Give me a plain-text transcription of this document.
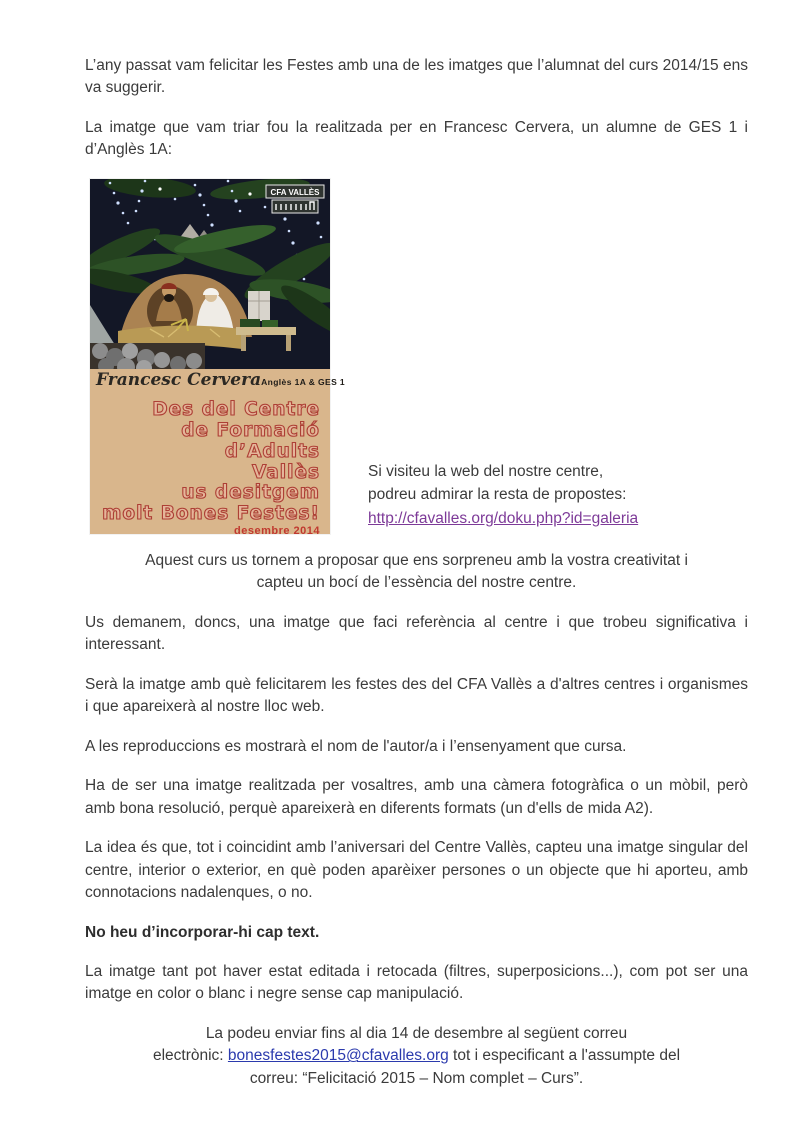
L’any passat vam felicitar les Festes amb una de les imatges que l’alumnat del curs 2014/15 ens va suggerir.

La imatge que vam triar fou la realitzada per en Francesc Cervera, un alumne de GES 1 i d’Anglès 1A:

CFA VALLÈS
Francesc Cervera Anglès 1A & GES 1
Des del Centre
de Formació
d’Adults
Vallès
us desitgem
molt Bones Festes!
desembre 2014
Si visiteu la web del nostre centre,
podreu admirar la resta de propostes:
http://cfavalles.org/doku.php?id=galeria

Aquest curs us tornem a proposar que ens sorpreneu amb la vostra creativitat i
capteu un bocí de l’essència del nostre centre.

Us demanem, doncs, una imatge que faci referència al centre i que trobeu significativa i interessant.

Serà la imatge amb què felicitarem les festes des del CFA Vallès a d'altres centres i organismes i que apareixerà al nostre lloc web.

A les reproduccions es mostrarà el nom de l'autor/a i l’ensenyament que cursa.

Ha de ser una imatge realitzada per vosaltres, amb una càmera fotogràfica o un mòbil, però amb bona resolució, perquè apareixerà en diferents formats (un d'ells de mida A2).

La idea és que, tot i coincidint amb l’aniversari del Centre Vallès, capteu una imatge singular del centre, interior o exterior, en què poden aparèixer persones o un objecte que hi aporteu, amb connotacions nadalenques, o no.

No heu d’incorporar-hi cap text.

La imatge tant pot haver estat editada i retocada (filtres, superposicions...), com pot ser una imatge en color o blanc i negre sense cap manipulació.

La podeu enviar fins al dia 14 de desembre al següent correu
electrònic: bonesfestes2015@cfavalles.org tot i especificant a l'assumpte del
correu: “Felicitació 2015 – Nom complet – Curs”.
